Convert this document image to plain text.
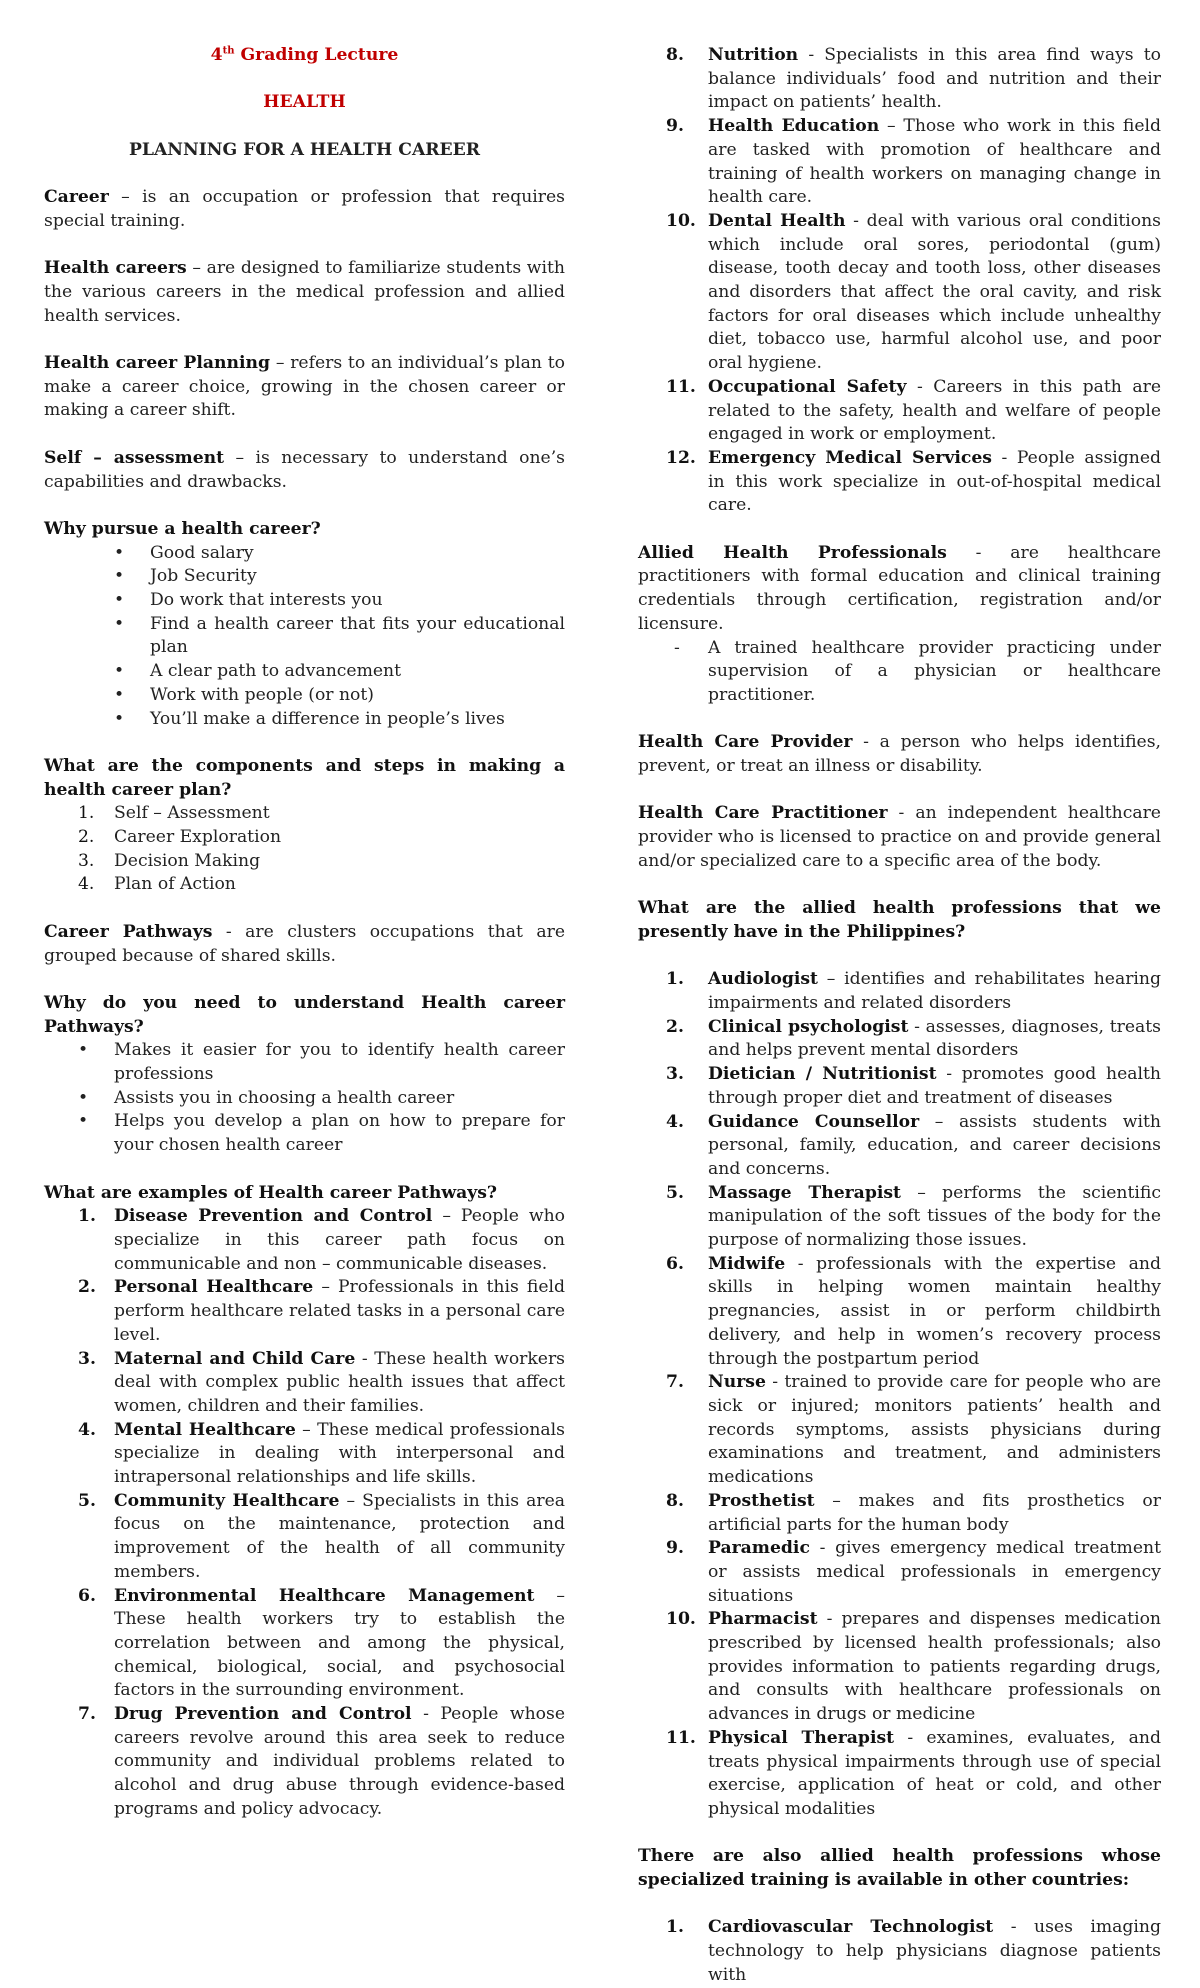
4th Grading Lecture

HEALTH

PLANNING FOR A HEALTH CAREER

Career – is an occupation or profession that requires special training.

Health careers – are designed to familiarize students with the various careers in the medical profession and allied health services.

Health career Planning – refers to an individual’s plan to make a career choice, growing in the chosen career or making a career shift.

Self – assessment – is necessary to understand one’s capabilities and drawbacks.

Why pursue a health career?

• Good salary
• Job Security
• Do work that interests you
• Find a health career that fits your educational plan
• A clear path to advancement
• Work with people (or not)
• You’ll make a difference in people’s lives

What are the components and steps in making a health career plan?

1. Self – Assessment
2. Career Exploration
3. Decision Making
4. Plan of Action

Career Pathways - are clusters occupations that are grouped because of shared skills.

Why do you need to understand Health career Pathways?

• Makes it easier for you to identify health career professions
• Assists you in choosing a health career
• Helps you develop a plan on how to prepare for your chosen health career

What are examples of Health career Pathways?

1. Disease Prevention and Control – People who specialize in this career path focus on communicable and non – communicable diseases.
2. Personal Healthcare – Professionals in this field perform healthcare related tasks in a personal care level.
3. Maternal and Child Care - These health workers deal with complex public health issues that affect women, children and their families.
4. Mental Healthcare – These medical professionals specialize in dealing with interpersonal and intrapersonal relationships and life skills.
5. Community Healthcare – Specialists in this area focus on the maintenance, protection and improvement of the health of all community members.
6. Environmental Healthcare Management – These health workers try to establish the correlation between and among the physical, chemical, biological, social, and psychosocial factors in the surrounding environment.
7. Drug Prevention and Control - People whose careers revolve around this area seek to reduce community and individual problems related to alcohol and drug abuse through evidence-based programs and policy advocacy.
8. Nutrition - Specialists in this area find ways to balance individuals’ food and nutrition and their impact on patients’ health.
9. Health Education – Those who work in this field are tasked with promotion of healthcare and training of health workers on managing change in health care.
10. Dental Health - deal with various oral conditions which include oral sores, periodontal (gum) disease, tooth decay and tooth loss, other diseases and disorders that affect the oral cavity, and risk factors for oral diseases which include unhealthy diet, tobacco use, harmful alcohol use, and poor oral hygiene.
11. Occupational Safety - Careers in this path are related to the safety, health and welfare of people engaged in work or employment.
12. Emergency Medical Services - People assigned in this work specialize in out-of-hospital medical care.

Allied Health Professionals - are healthcare practitioners with formal education and clinical training credentials through certification, registration and/or licensure.

- A trained healthcare provider practicing under supervision of a physician or healthcare practitioner.

Health Care Provider - a person who helps identifies, prevent, or treat an illness or disability.

Health Care Practitioner - an independent healthcare provider who is licensed to practice on and provide general and/or specialized care to a specific area of the body.

What are the allied health professions that we presently have in the Philippines?

1. Audiologist – identifies and rehabilitates hearing impairments and related disorders
2. Clinical psychologist - assesses, diagnoses, treats and helps prevent mental disorders
3. Dietician / Nutritionist - promotes good health through proper diet and treatment of diseases
4. Guidance Counsellor – assists students with personal, family, education, and career decisions and concerns.
5. Massage Therapist – performs the scientific manipulation of the soft tissues of the body for the purpose of normalizing those issues.
6. Midwife - professionals with the expertise and skills in helping women maintain healthy pregnancies, assist in or perform childbirth delivery, and help in women’s recovery process through the postpartum period
7. Nurse - trained to provide care for people who are sick or injured; monitors patients’ health and records symptoms, assists physicians during examinations and treatment, and administers medications
8. Prosthetist – makes and fits prosthetics or artificial parts for the human body
9. Paramedic - gives emergency medical treatment or assists medical professionals in emergency situations
10. Pharmacist - prepares and dispenses medication prescribed by licensed health professionals; also provides information to patients regarding drugs, and consults with healthcare professionals on advances in drugs or medicine
11. Physical Therapist - examines, evaluates, and treats physical impairments through use of special exercise, application of heat or cold, and other physical modalities

There are also allied health professions whose specialized training is available in other countries:

1. Cardiovascular Technologist - uses imaging technology to help physicians diagnose patients with
